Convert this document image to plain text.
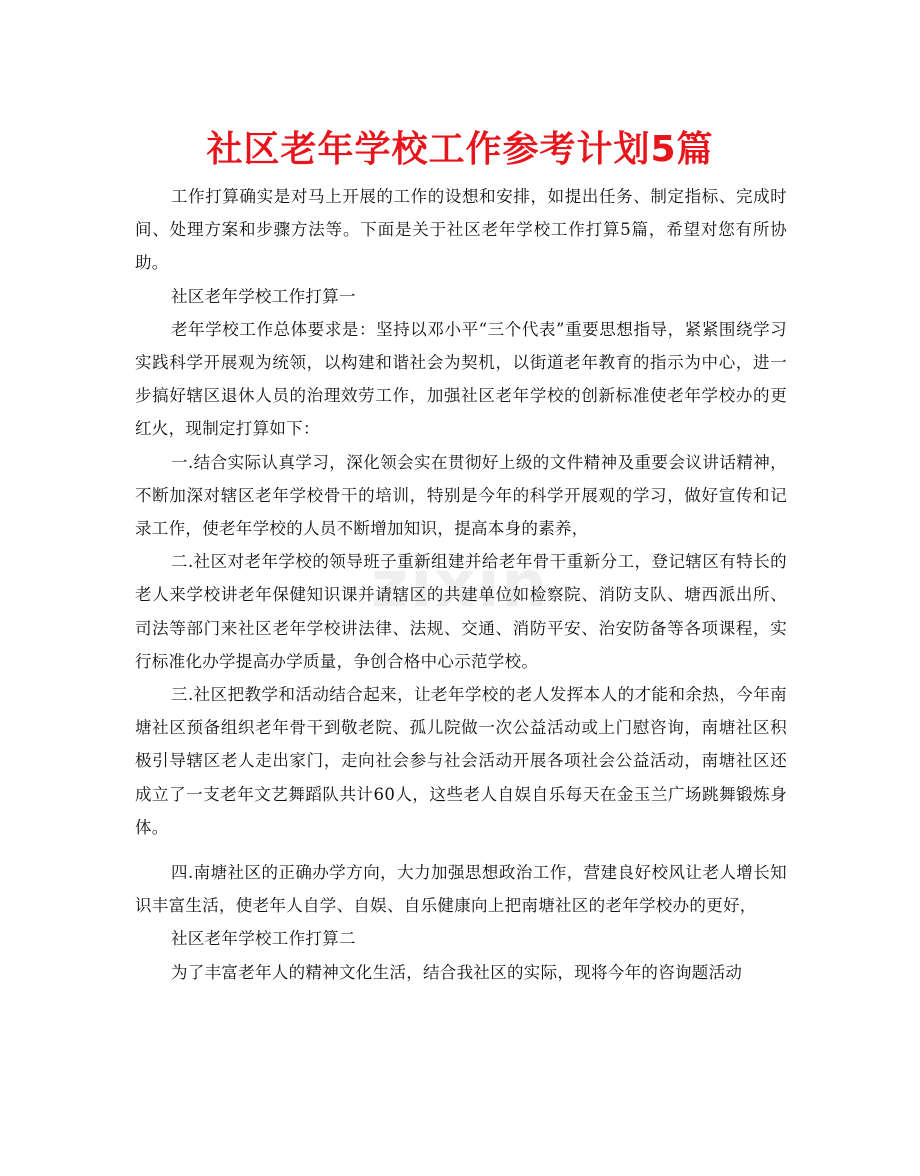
社区老年学校工作参考计划5篇

工作打算确实是对马上开展的工作的设想和安排，如提出任务、制定指标、完成时间、处理方案和步骤方法等。下面是关于社区老年学校工作打算5篇，希望对您有所协助。

社区老年学校工作打算一

老年学校工作总体要求是：坚持以邓小平“三个代表”重要思想指导，紧紧围绕学习实践科学开展观为统领，以构建和谐社会为契机，以街道老年教育的指示为中心，进一步搞好辖区退休人员的治理效劳工作，加强社区老年学校的创新标准使老年学校办的更红火，现制定打算如下：

一.结合实际认真学习，深化领会实在贯彻好上级的文件精神及重要会议讲话精神，不断加深对辖区老年学校骨干的培训，特别是今年的科学开展观的学习，做好宣传和记录工作，使老年学校的人员不断增加知识，提高本身的素养，

二.社区对老年学校的领导班子重新组建并给老年骨干重新分工，登记辖区有特长的老人来学校讲老年保健知识课并请辖区的共建单位如检察院、消防支队、塘西派出所、司法等部门来社区老年学校讲法律、法规、交通、消防平安、治安防备等各项课程，实行标准化办学提高办学质量，争创合格中心示范学校。

三.社区把教学和活动结合起来，让老年学校的老人发挥本人的才能和余热，今年南塘社区预备组织老年骨干到敬老院、孤儿院做一次公益活动或上门慰咨询，南塘社区积极引导辖区老人走出家门，走向社会参与社会活动开展各项社会公益活动，南塘社区还成立了一支老年文艺舞蹈队共计60人，这些老人自娱自乐每天在金玉兰广场跳舞锻炼身体。

四.南塘社区的正确办学方向，大力加强思想政治工作，营建良好校风让老人增长知识丰富生活，使老年人自学、自娱、自乐健康向上把南塘社区的老年学校办的更好，

社区老年学校工作打算二

为了丰富老年人的精神文化生活，结合我社区的实际，现将今年的咨询题活动

zixin
